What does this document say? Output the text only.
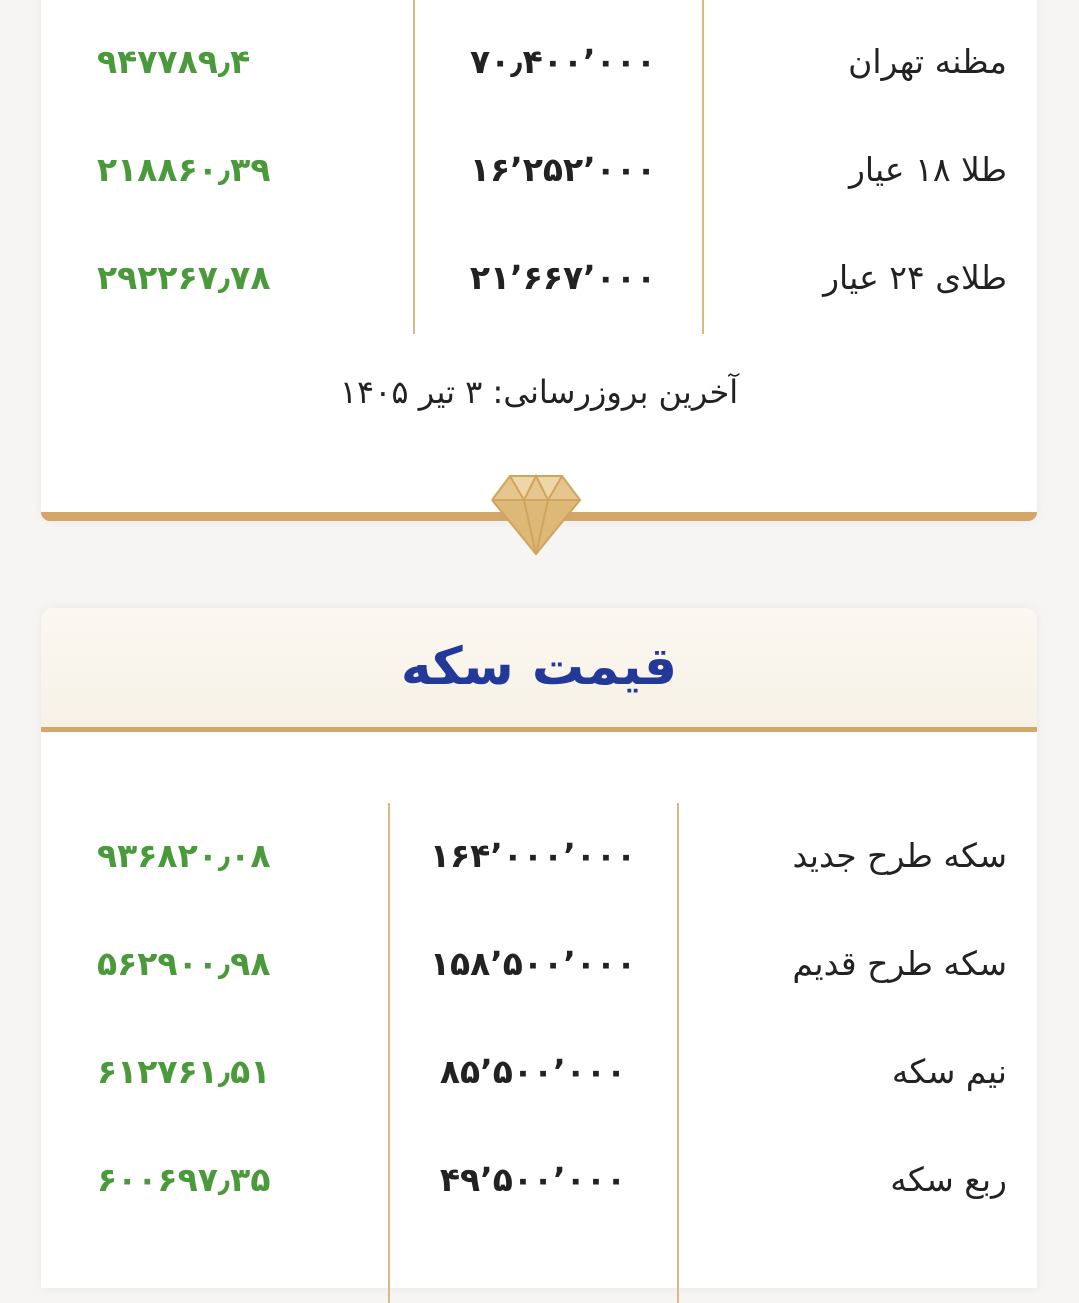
مظنه تهران
۷۰٫۴۰۰٬۰۰۰
۹۴۷۷۸۹٫۴
طلا ۱۸ عیار
۱۶٬۲۵۲٬۰۰۰
۲۱۸۸۶۰٫۳۹
طلای ۲۴ عیار
۲۱٬۶۶۷٬۰۰۰
۲۹۲۲۶۷٫۷۸
آخرین بروزرسانی: ۳ تیر ۱۴۰۵
قیمت سکه
سکه طرح جدید
۱۶۴٬۰۰۰٬۰۰۰
۹۳۶۸۲۰٫۰۸
سکه طرح قدیم
۱۵۸٬۵۰۰٬۰۰۰
۵۶۲۹۰۰٫۹۸
نیم سکه
۸۵٬۵۰۰٬۰۰۰
۶۱۲۷۶۱٫۵۱
ربع سکه
۴۹٬۵۰۰٬۰۰۰
۶۰۰۶۹۷٫۳۵
